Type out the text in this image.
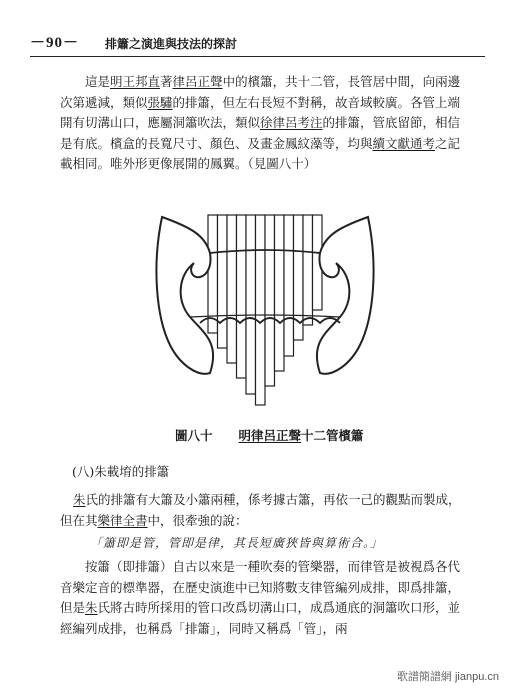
－90－ 排簫之演進與技法的探討

這是明王邦直著律呂正聲中的檳簫，共十二管，長管居中間，向兩邊次第遞減，類似張驌的排簫，但左右長短不對稱，故音域較廣。各管上端開有切溝山口，應屬洞簫吹法，類似徐律呂考注的排簫，管底留節，相信是有底。檳盒的長寬尺寸、顏色、及畫金鳳紋藻等，均與續文獻通考之記載相同。唯外形更像展開的鳳翼。（見圖八十）

圖八十 明律呂正聲十二管檳簫
(八)朱載堉的排簫

朱氏的排簫有大簫及小簫兩種，係考據古簫，再依一己的觀點而製成，但在其樂律全書中，很牽強的說：

「簫即是管，管即是律，其長短廣狹皆與算術合。」

按簫（即排簫）自古以來是一種吹奏的管樂器，而律管是被視爲各代音樂定音的標準器，在歷史演進中已知將數支律管編列成排，即爲排簫，但是朱氏將古時所採用的管口改爲切溝山口，成爲通底的洞簫吹口形，並經編列成排，也稱爲「排簫」，同時又稱爲「管」，兩

歌譜簡譜網 jianpu.cn
